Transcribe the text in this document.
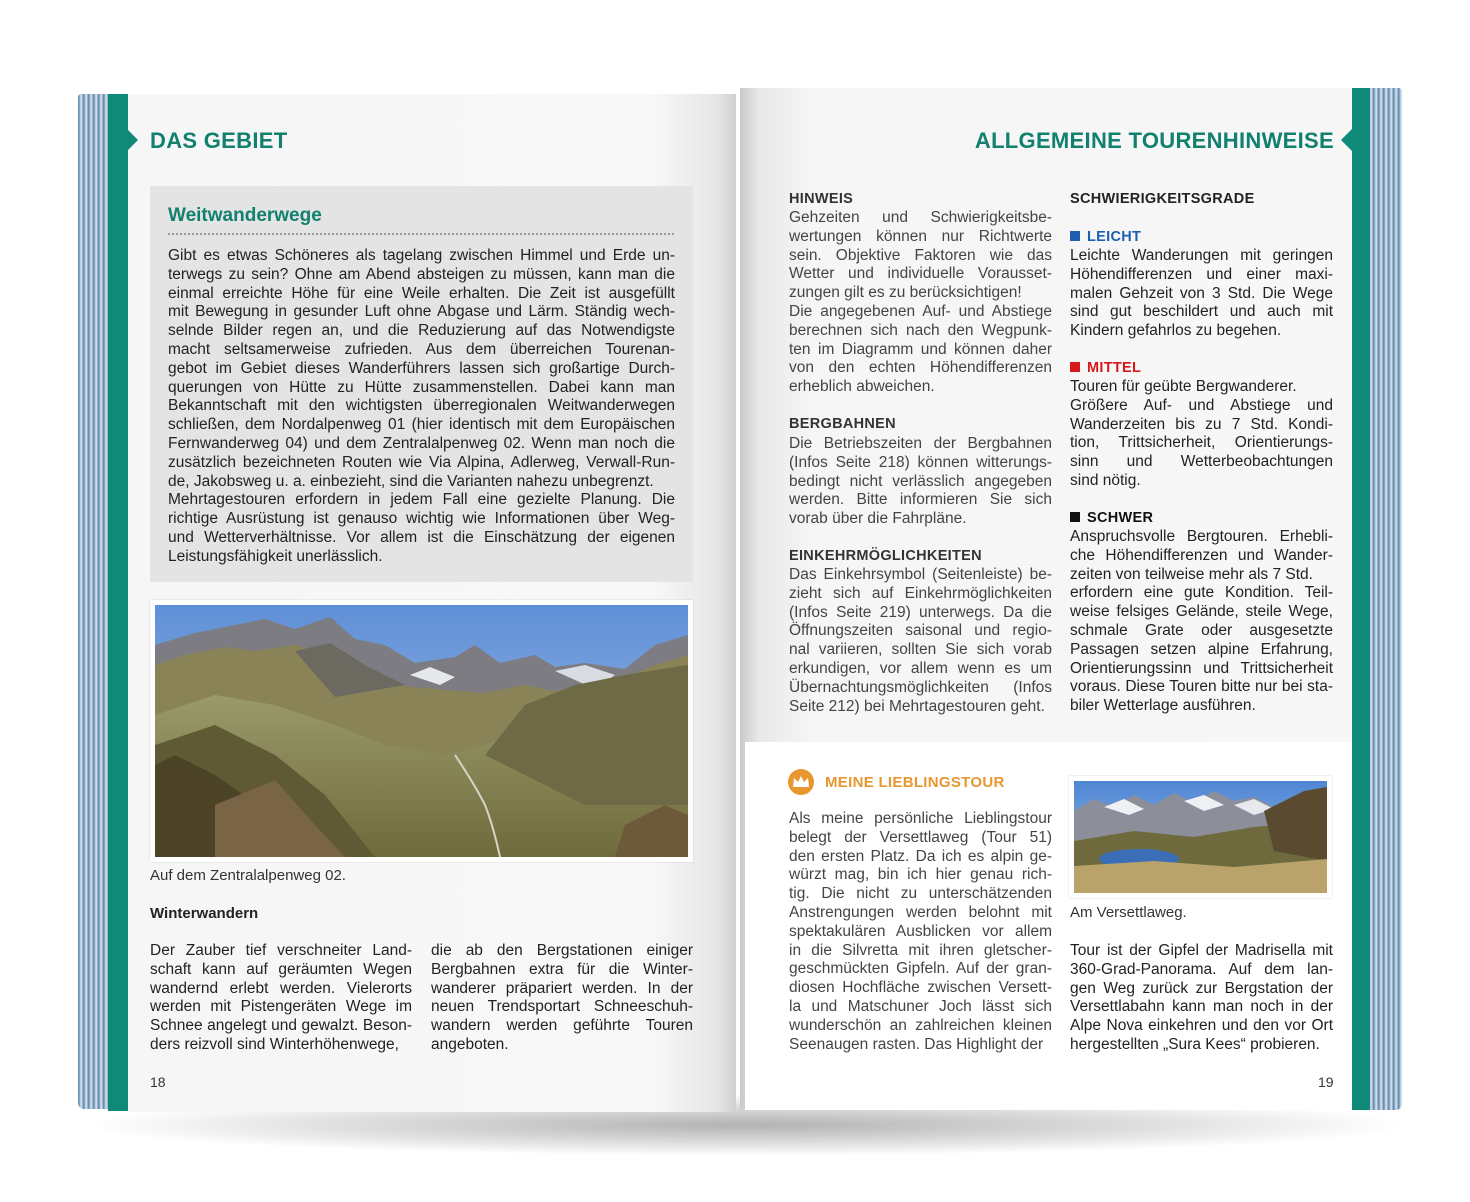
DAS GEBIET
Weitwanderwege
Gibt es etwas Schöneres als tagelang zwischen Himmel und Erde un-
terwegs zu sein? Ohne am Abend absteigen zu müssen, kann man die
einmal erreichte Höhe für eine Weile erhalten. Die Zeit ist ausgefüllt
mit Bewegung in gesunder Luft ohne Abgase und Lärm. Ständig wech-
selnde Bilder regen an, und die Reduzierung auf das Notwendigste
macht seltsamerweise zufrieden. Aus dem überreichen Tourenan-
gebot im Gebiet dieses Wanderführers lassen sich großartige Durch-
querungen von Hütte zu Hütte zusammenstellen. Dabei kann man
Bekanntschaft mit den wichtigsten überregionalen Weitwanderwegen
schließen, dem Nordalpenweg 01 (hier identisch mit dem Europäischen
Fernwanderweg 04) und dem Zentralalpenweg 02. Wenn man noch die
zusätzlich bezeichneten Routen wie Via Alpina, Adlerweg, Verwall-Run-
de, Jakobsweg u. a. einbezieht, sind die Varianten nahezu unbegrenzt.
Mehrtagestouren erfordern in jedem Fall eine gezielte Planung. Die
richtige Ausrüstung ist genauso wichtig wie Informationen über Weg-
und Wetterverhältnisse. Vor allem ist die Einschätzung der eigenen
Leistungsfähigkeit unerlässlich.
Auf dem Zentralalpenweg 02.
Winterwandern
Der Zauber tief verschneiter Land-
schaft kann auf geräumten Wegen
wandernd erlebt werden. Vielerorts
werden mit Pistengeräten Wege im
Schnee angelegt und gewalzt. Beson-
ders reizvoll sind Winterhöhenwege,
die ab den Bergstationen einiger
Bergbahnen extra für die Winter-
wanderer präpariert werden. In der
neuen Trendsportart Schneeschuh-
wandern werden geführte Touren
angeboten.
18
ALLGEMEINE TOURENHINWEISE
HINWEIS
Gehzeiten und Schwierigkeitsbe-
wertungen können nur Richtwerte
sein. Objektive Faktoren wie das
Wetter und individuelle Vorausset-
zungen gilt es zu berücksichtigen!
Die angegebenen Auf- und Abstiege
berechnen sich nach den Wegpunk-
ten im Diagramm und können daher
von den echten Höhendifferenzen
erheblich abweichen.
BERGBAHNEN
Die Betriebszeiten der Bergbahnen
(Infos Seite 218) können witterungs-
bedingt nicht verlässlich angegeben
werden. Bitte informieren Sie sich
vorab über die Fahrpläne.
EINKEHRMÖGLICHKEITEN
Das Einkehrsymbol (Seitenleiste) be-
zieht sich auf Einkehrmöglichkeiten
(Infos Seite 219) unterwegs. Da die
Öffnungszeiten saisonal und regio-
nal variieren, sollten Sie sich vorab
erkundigen, vor allem wenn es um
Übernachtungsmöglichkeiten (Infos
Seite 212) bei Mehrtagestouren geht.
SCHWIERIGKEITSGRADE
LEICHT
Leichte Wanderungen mit geringen
Höhendifferenzen und einer maxi-
malen Gehzeit von 3 Std. Die Wege
sind gut beschildert und auch mit
Kindern gefahrlos zu begehen.
MITTEL
Touren für geübte Bergwanderer.
Größere Auf- und Abstiege und
Wanderzeiten bis zu 7 Std. Kondi-
tion, Trittsicherheit, Orientierungs-
sinn und Wetterbeobachtungen
sind nötig.
SCHWER
Anspruchsvolle Bergtouren. Erhebli-
che Höhendifferenzen und Wander-
zeiten von teilweise mehr als 7 Std.
erfordern eine gute Kondition. Teil-
weise felsiges Gelände, steile Wege,
schmale Grate oder ausgesetzte
Passagen setzen alpine Erfahrung,
Orientierungssinn und Trittsicherheit
voraus. Diese Touren bitte nur bei sta-
biler Wetterlage ausführen.
MEINE LIEBLINGSTOUR
Als meine persönliche Lieblingstour
belegt der Versettlaweg (Tour 51)
den ersten Platz. Da ich es alpin ge-
würzt mag, bin ich hier genau rich-
tig. Die nicht zu unterschätzenden
Anstrengungen werden belohnt mit
spektakulären Ausblicken vor allem
in die Silvretta mit ihren gletscher-
geschmückten Gipfeln. Auf der gran-
diosen Hochfläche zwischen Versett-
la und Matschuner Joch lässt sich
wunderschön an zahlreichen kleinen
Seenaugen rasten. Das Highlight der
Am Versettlaweg.
Tour ist der Gipfel der Madrisella mit
360-Grad-Panorama. Auf dem lan-
gen Weg zurück zur Bergstation der
Versettlabahn kann man noch in der
Alpe Nova einkehren und den vor Ort
hergestellten „Sura Kees“ probieren.
19
